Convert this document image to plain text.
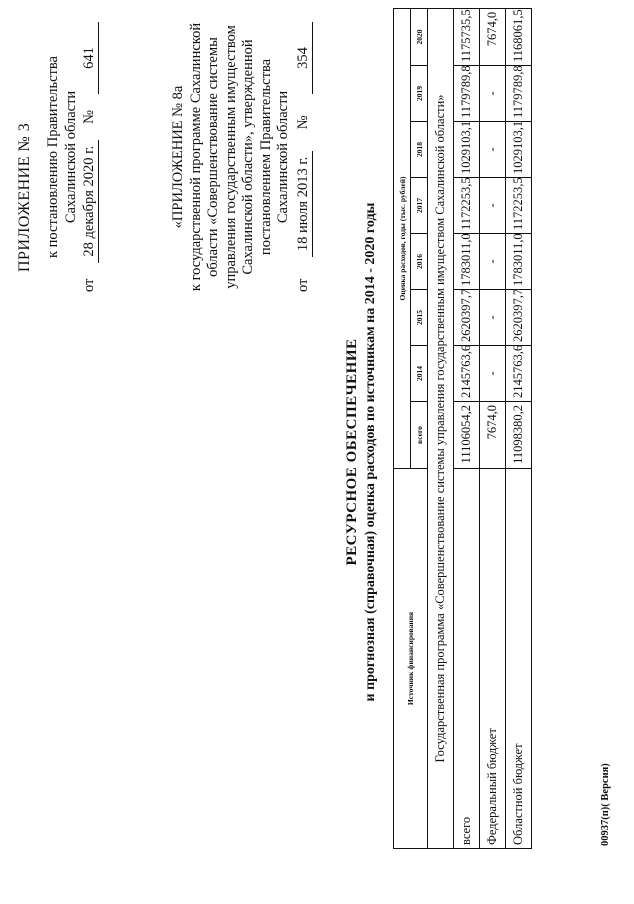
ПРИЛОЖЕНИЕ № 3 к постановлению Правительства Сахалинской области
от
28 декабря 2020 г.
№
641
«ПРИЛОЖЕНИЕ № 8а к государственной программе Сахалинской области «Совершенствование системы управления государственным имуществом Сахалинской области», утвержденной постановлением Правительства Сахалинской области
от
18 июля 2013 г.
№
354
РЕСУРСНОЕ ОБЕСПЕЧЕНИЕ и прогнозная (справочная) оценка расходов по источникам на 2014 - 2020 годы	Источник финансирования	Оценка расходов, годы (тыс. рублей)							
	всего	2014	2015	2016	2017	2018	2019	2020
Государственная программа «Совершенствование системы управления государственным имуществом Сахалинской области»								
всего	11106054,2	2145763,6	2620397,7	1783011,0	1172253,5	1029103,1	1179789,8	1175735,5
Федеральный бюджет	7674,0	-	-	-	-	-	-	7674,0
Областной бюджет	11098380,2	2145763,6	2620397,7	1783011,0	1172253,5	1029103,1	1179789,8	1168061,5
00937(п)( Версия)
